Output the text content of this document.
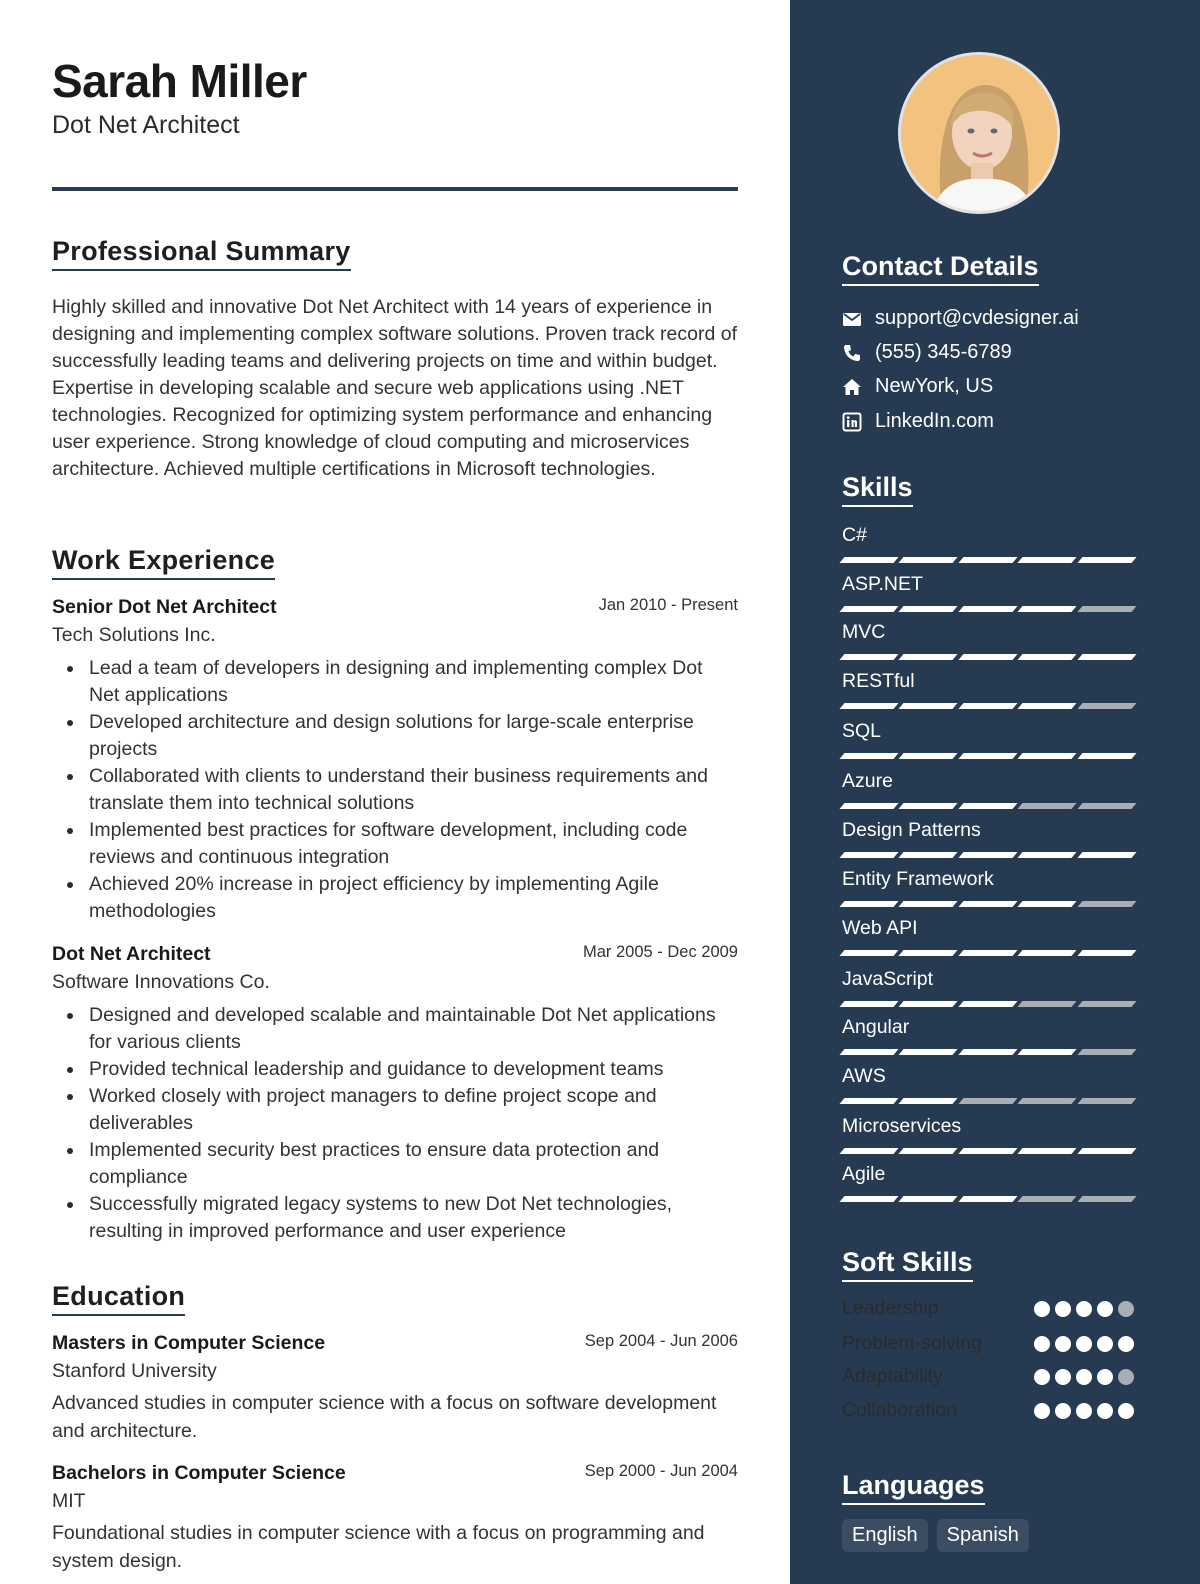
Sarah Miller
Dot Net Architect
Professional Summary
Highly skilled and innovative Dot Net Architect with 14 years of experience in designing and implementing complex software solutions. Proven track record of successfully leading teams and delivering projects on time and within budget. Expertise in developing scalable and secure web applications using .NET technologies. Recognized for optimizing system performance and enhancing user experience. Strong knowledge of cloud computing and microservices architecture. Achieved multiple certifications in Microsoft technologies.
Work Experience
Senior Dot Net Architect	Jan 2010 - Present
Tech Solutions Inc.
Lead a team of developers in designing and implementing complex Dot Net applications
Developed architecture and design solutions for large-scale enterprise projects
Collaborated with clients to understand their business requirements and translate them into technical solutions
Implemented best practices for software development, including code reviews and continuous integration
Achieved 20% increase in project efficiency by implementing Agile methodologies
Dot Net Architect	Mar 2005 - Dec 2009
Software Innovations Co.
Designed and developed scalable and maintainable Dot Net applications for various clients
Provided technical leadership and guidance to development teams
Worked closely with project managers to define project scope and deliverables
Implemented security best practices to ensure data protection and compliance
Successfully migrated legacy systems to new Dot Net technologies, resulting in improved performance and user experience
Education
Masters in Computer Science	Sep 2004 - Jun 2006
Stanford University
Advanced studies in computer science with a focus on software development and architecture.
Bachelors in Computer Science	Sep 2000 - Jun 2004
MIT
Foundational studies in computer science with a focus on programming and system design.
Contact Details
support@cvdesigner.ai
(555) 345-6789
NewYork, US
LinkedIn.com
Skills
C#
ASP.NET
MVC
RESTful
SQL
Azure
Design Patterns
Entity Framework
Web API
JavaScript
Angular
AWS
Microservices
Agile
Soft Skills
Leadership
Problem-solving
Adaptability
Collaboration
Languages
English	Spanish
